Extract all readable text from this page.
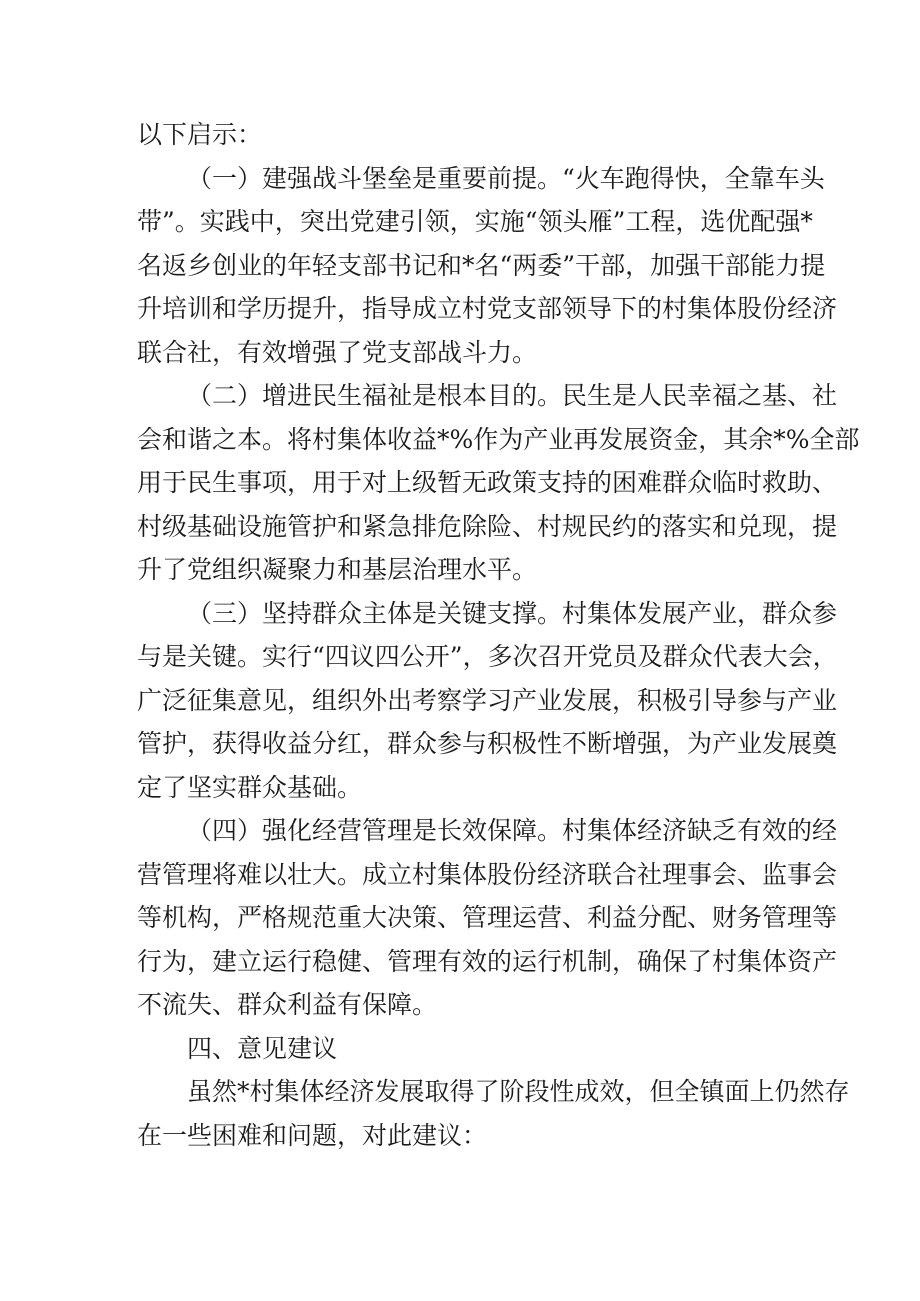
以下启示：
（一）建强战斗堡垒是重要前提。“火车跑得快，全靠车头
带”。实践中，突出党建引领，实施“领头雁”工程，选优配强*
名返乡创业的年轻支部书记和*名“两委”干部，加强干部能力提
升培训和学历提升，指导成立村党支部领导下的村集体股份经济
联合社，有效增强了党支部战斗力。
（二）增进民生福祉是根本目的。民生是人民幸福之基、社
会和谐之本。将村集体收益*%作为产业再发展资金，其余*%全部
用于民生事项，用于对上级暂无政策支持的困难群众临时救助、
村级基础设施管护和紧急排危除险、村规民约的落实和兑现，提
升了党组织凝聚力和基层治理水平。
（三）坚持群众主体是关键支撑。村集体发展产业，群众参
与是关键。实行“四议四公开”，多次召开党员及群众代表大会，
广泛征集意见，组织外出考察学习产业发展，积极引导参与产业
管护，获得收益分红，群众参与积极性不断增强，为产业发展奠
定了坚实群众基础。
（四）强化经营管理是长效保障。村集体经济缺乏有效的经
营管理将难以壮大。成立村集体股份经济联合社理事会、监事会
等机构，严格规范重大决策、管理运营、利益分配、财务管理等
行为，建立运行稳健、管理有效的运行机制，确保了村集体资产
不流失、群众利益有保障。
四、意见建议
虽然*村集体经济发展取得了阶段性成效，但全镇面上仍然存
在一些困难和问题，对此建议：
